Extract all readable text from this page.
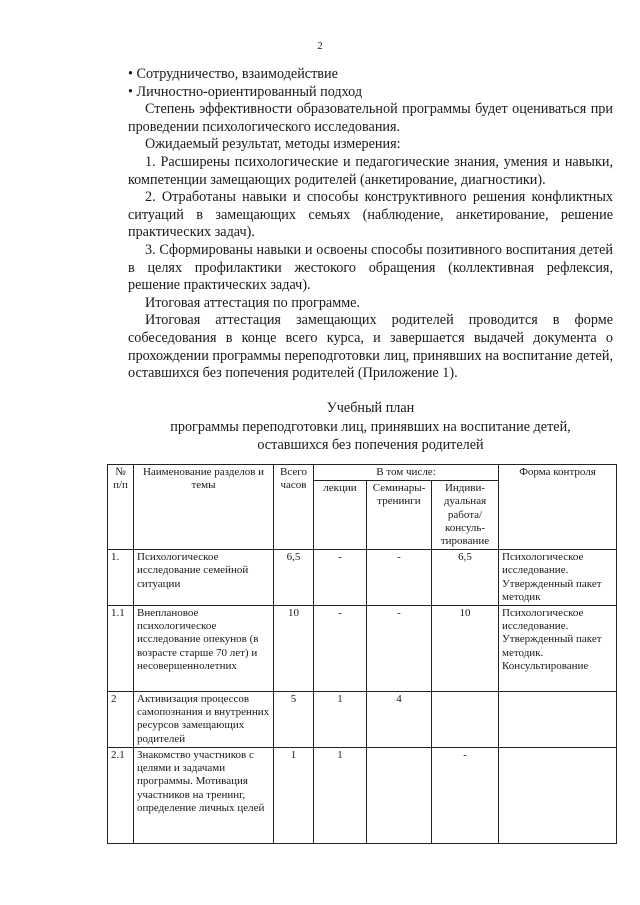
2

• Сотрудничество, взаимодействие

• Личностно-ориентированный подход

Степень эффективности образовательной программы будет оцениваться при проведении психологического исследования.

Ожидаемый результат, методы измерения:

1. Расширены психологические и педагогические знания, умения и навыки, компетенции замещающих родителей (анкетирование, диагностики).

2. Отработаны навыки и способы конструктивного решения конфликтных ситуаций в замещающих семьях (наблюдение, анкетирование, решение практических задач).

3. Сформированы навыки и освоены способы позитивного воспитания детей в целях профилактики жестокого обращения (коллективная рефлексия, решение практических задач).

Итоговая аттестация по программе.

Итоговая аттестация замещающих родителей проводится в форме собеседования в конце всего курса, и завершается выдачей документа о прохождении программы переподготовки лиц, принявших на воспитание детей, оставшихся без попечения родителей (Приложение 1).

Учебный план
программы переподготовки лиц, принявших на воспитание детей,
оставшихся без попечения родителей
№ п/п	Наименование разделов и темы	Всего часов	В том числе:			Форма контроля
			лекции	Семинары-тренинги	Индиви-дуальная работа/ консуль-тирование	
1.	Психологическое исследование семейной ситуации	6,5	-	-	6,5	Психологическое исследование. Утвержденный пакет методик
1.1	Внеплановое психологическое исследование опекунов (в возрасте старше 70 лет) и несовершеннолетних	10	-	-	10	Психологическое исследование. Утвержденный пакет методик. Консультирование
2	Активизация процессов самопознания и внутренних ресурсов замещающих родителей	5	1	4		
2.1	Знакомство участников с целями и задачами программы. Мотивация участников на тренинг, определение личных целей	1	1		-	
